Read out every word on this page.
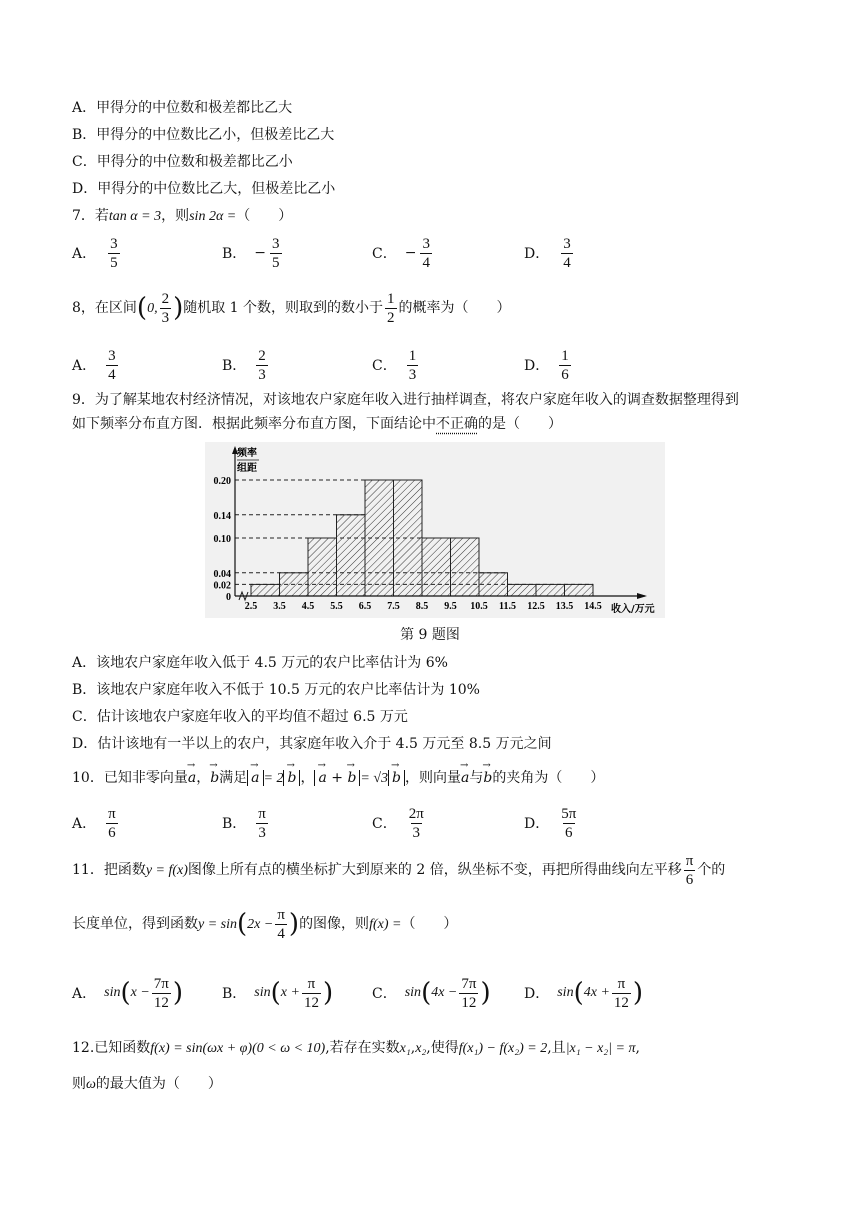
A．甲得分的中位数和极差都比乙大
B．甲得分的中位数比乙小，但极差比乙大
C．甲得分的中位数和极差都比乙小
D．甲得分的中位数比乙大，但极差比乙小
7．若tan α = 3，则sin 2α =（　　）
A． $\frac{3}{5}$	B． − $\frac{3}{5}$	C． − $\frac{3}{4}$	D． $\frac{3}{4}$
8，在区间(0, $\frac{2}{3}$ )随机取 1 个数，则取到的数小于 $\frac{1}{2}$ 的概率为（　　）
A． $\frac{3}{4}$	B． $\frac{2}{3}$	C． $\frac{1}{3}$	D． $\frac{1}{6}$
9．为了解某地农村经济情况，对该地农户家庭年收入进行抽样调查，将农户家庭年收入的调查数据整理得到
如下频率分布直方图．根据此频率分布直方图，下面结论中不正确的是（　　）
0
0.02
0.04
0.10
0.14
0.20
2.5 3.5 4.5 5.5 6.5 7.5 8.5 9.5 10.5 11.5 12.5 13.5 14.5
频率
组距
收入/万元
第 9 题图
A．该地农户家庭年收入低于 4.5 万元的农户比率估计为 6%
B．该地农户家庭年收入不低于 10.5 万元的农户比率估计为 10%
C．估计该地农户家庭年收入的平均值不超过 6.5 万元
D．估计该地有一半以上的农户，其家庭年收入介于 4.5 万元至 8.5 万元之间
10．已知非零向量→ a，→ b满足 → a = 2 → b ， → a + → b = √3 → b ，则向量→ a与→ b的夹角为（　　）
A． $\frac{\pi}{6}$	B． $\frac{\pi}{3}$	C． $\frac{2\pi}{3}$	D． $\frac{5\pi}{6}$
11．把函数y = f(x)图像上所有点的横坐标扩大到原来的 2 倍，纵坐标不变，再把所得曲线向左平移 $\frac{\pi}{6}$ 个的
长度单位，得到函数$y = \sin(2x - \frac{\pi}{4}$ )的图像，则f(x) =（　　）
A． sin ( $x - \frac{7\pi}{12}$ )	B． sin ( $x + \frac{\pi}{12}$ )	C． sin ( $4x - \frac{7\pi}{12}$ ) D． sin ( $4x + \frac{\pi}{12}$ )
12.已知函数f(x) = sin(ωx + φ)(0 < ω < 10),若存在实数x₁,x₂,使得f(x₁) − f(x₂) = 2,且|x₁ − x₂| = π,
则ω的最大值为（　　）
